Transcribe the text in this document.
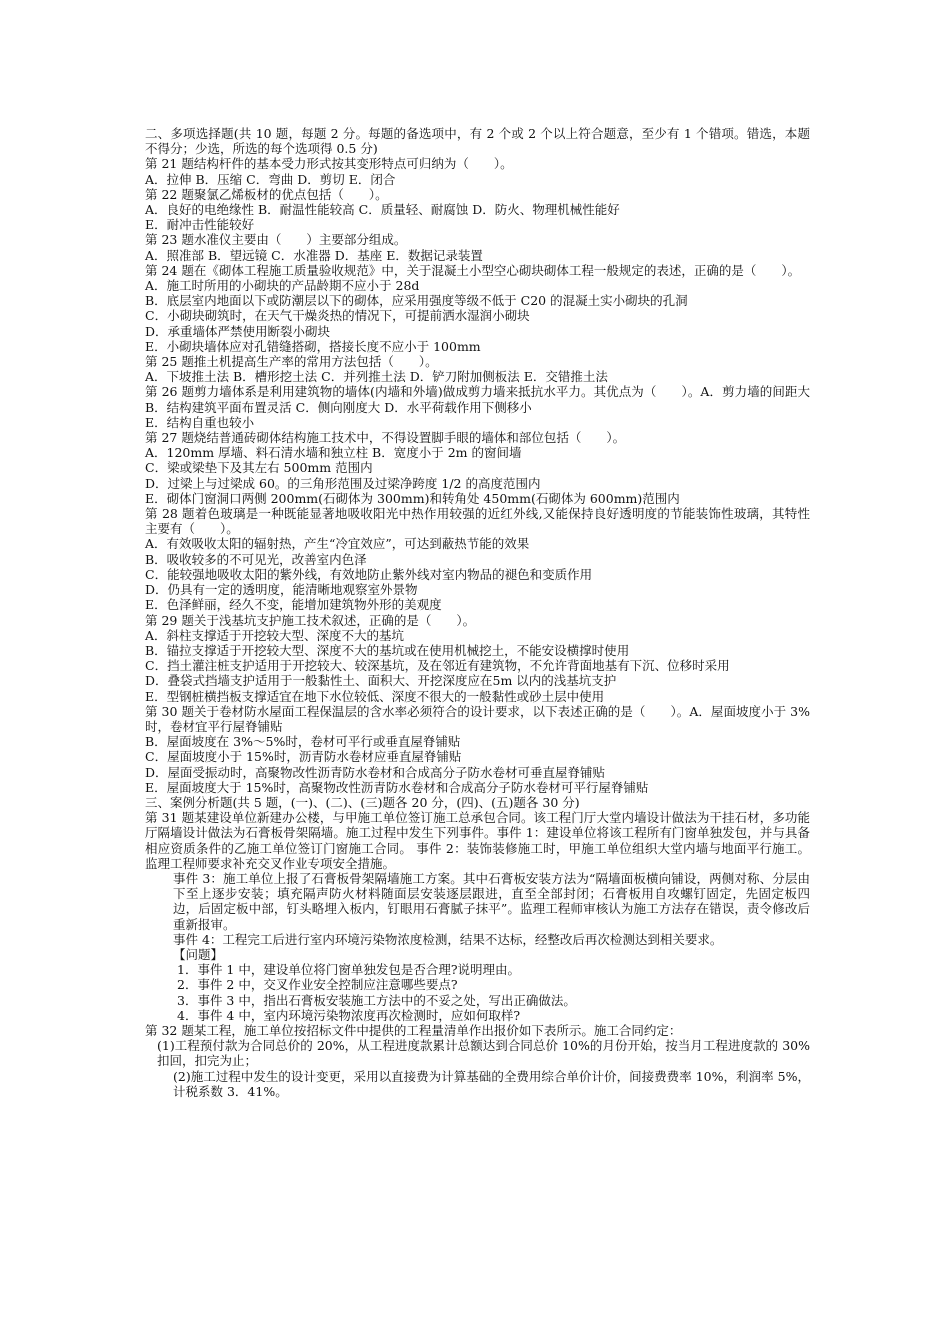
二、多项选择题(共 10 题，每题 2 分。每题的备选项中，有 2 个或 2 个以上符合题意，至少有 1 个错项。错选，本题不得分；少选，所选的每个选项得 0.5 分)
第 21 题结构杆件的基本受力形式按其变形特点可归纳为（　　）。
A．拉伸 B．压缩 C．弯曲 D．剪切 E．闭合
第 22 题聚氯乙烯板材的优点包括（　　）。
A．良好的电绝缘性 B．耐温性能较高 C．质量轻、耐腐蚀 D．防火、物理机械性能好
E．耐冲击性能较好
第 23 题水准仪主要由（　　）主要部分组成。
A．照准部 B．望远镜 C．水准器 D．基座 E．数据记录装置
第 24 题在《砌体工程施工质量验收规范》中，关于混凝土小型空心砌块砌体工程一般规定的表述，正确的是（　　）。
A．施工时所用的小砌块的产品龄期不应小于 28d
B．底层室内地面以下或防潮层以下的砌体，应采用强度等级不低于 C20 的混凝土实小砌块的孔洞
C．小砌块砌筑时，在天气干燥炎热的情况下，可提前洒水湿润小砌块
D．承重墙体严禁使用断裂小砌块
E．小砌块墙体应对孔错缝搭砌，搭接长度不应小于 100mm
第 25 题推土机提高生产率的常用方法包括（　　）。
A．下坡推土法 B．槽形挖土法 C．并列推土法 D．铲刀附加侧板法 E．交错推土法
第 26 题剪力墙体系是利用建筑物的墙体(内墙和外墙)做成剪力墙来抵抗水平力。其优点为（　　）。A．剪力墙的间距大 B．结构建筑平面布置灵活 C．侧向刚度大 D．水平荷载作用下侧移小
E．结构自重也较小
第 27 题烧结普通砖砌体结构施工技术中，不得设置脚手眼的墙体和部位包括（　　）。
A．120mm 厚墙、料石清水墙和独立柱 B．宽度小于 2m 的窗间墙
C．梁或梁垫下及其左右 500mm 范围内
D．过梁上与过梁成 60。的三角形范围及过梁净跨度 1/2 的高度范围内
E．砌体门窗洞口两侧 200mm(石砌体为 300mm)和转角处 450mm(石砌体为 600mm)范围内
第 28 题着色玻璃是一种既能显著地吸收阳光中热作用较强的近红外线,又能保持良好透明度的节能装饰性玻璃，其特性主要有（　　）。
A．有效吸收太阳的辐射热，产生“冷宜效应”，可达到蔽热节能的效果
B．吸收较多的不可见光，改善室内色泽
C．能较强地吸收太阳的紫外线，有效地防止紫外线对室内物品的褪色和变质作用
D．仍具有一定的透明度，能清晰地观察室外景物
E．色泽鲜丽，经久不变，能增加建筑物外形的美观度
第 29 题关于浅基坑支护施工技术叙述，正确的是（　　）。
A．斜柱支撑适于开挖较大型、深度不大的基坑
B．锚拉支撑适于开挖较大型、深度不大的基坑或在使用机械挖土，不能安设横撑时使用
C．挡土灌注桩支护适用于开挖较大、较深基坑，及在邻近有建筑物，不允许背面地基有下沉、位移时采用
D．叠袋式挡墙支护适用于一般黏性土、面积大、开挖深度应在5m 以内的浅基坑支护
E．型钢桩横挡板支撑适宜在地下水位较低、深度不很大的一般黏性或砂土层中使用
第 30 题关于卷材防水屋面工程保温层的含水率必须符合的设计要求，以下表述正确的是（　　）。A．屋面坡度小于 3%时，卷材宜平行屋脊铺贴
B．屋面坡度在 3%～5%时，卷材可平行或垂直屋脊铺贴
C．屋面坡度小于 15%时，沥青防水卷材应垂直屋脊铺贴
D．屋面受振动时，高聚物改性沥青防水卷材和合成高分子防水卷材可垂直屋脊铺贴
E．屋面坡度大于 15%时，高聚物改性沥青防水卷材和合成高分子防水卷材可平行屋脊铺贴
三、案例分析题(共 5 题，(一)、(二)、(三)题各 20 分，(四)、(五)题各 30 分)
第 31 题某建设单位新建办公楼，与甲施工单位签订施工总承包合同。该工程门厅大堂内墙设计做法为干挂石材，多功能厅隔墙设计做法为石膏板骨架隔墙。施工过程中发生下列事件。事件 1：建设单位将该工程所有门窗单独发包，并与具备相应资质条件的乙施工单位签订门窗施工合同。 事件 2：装饰装修施工时，甲施工单位组织大堂内墙与地面平行施工。监理工程师要求补充交叉作业专项安全措施。
事件 3：施工单位上报了石膏板骨架隔墙施工方案。其中石膏板安装方法为“隔墙面板横向铺设，两侧对称、分层由下至上逐步安装；填充隔声防火材料随面层安装逐层跟进，直至全部封闭；石膏板用自攻螺钉固定，先固定板四边，后固定板中部，钉头略埋入板内，钉眼用石膏腻子抹平”。监理工程师审核认为施工方法存在错误，责令修改后重新报审。
事件 4：工程完工后进行室内环境污染物浓度检测，结果不达标，经整改后再次检测达到相关要求。
【问题】
1．事件 1 中，建设单位将门窗单独发包是否合理?说明理由。
2．事件 2 中，交叉作业安全控制应注意哪些要点?
3．事件 3 中，指出石膏板安装施工方法中的不妥之处，写出正确做法。
4．事件 4 中，室内环境污染物浓度再次检测时，应如何取样?
第 32 题某工程，施工单位按招标文件中提供的工程量清单作出报价如下表所示。施工合同约定：
(1)工程预付款为合同总价的 20%，从工程进度款累计总额达到合同总价 10%的月份开始，按当月工程进度款的 30%扣回，扣完为止；
(2)施工过程中发生的设计变更，采用以直接费为计算基础的全费用综合单价计价，间接费费率 10%，利润率 5%，计税系数 3．41%。
